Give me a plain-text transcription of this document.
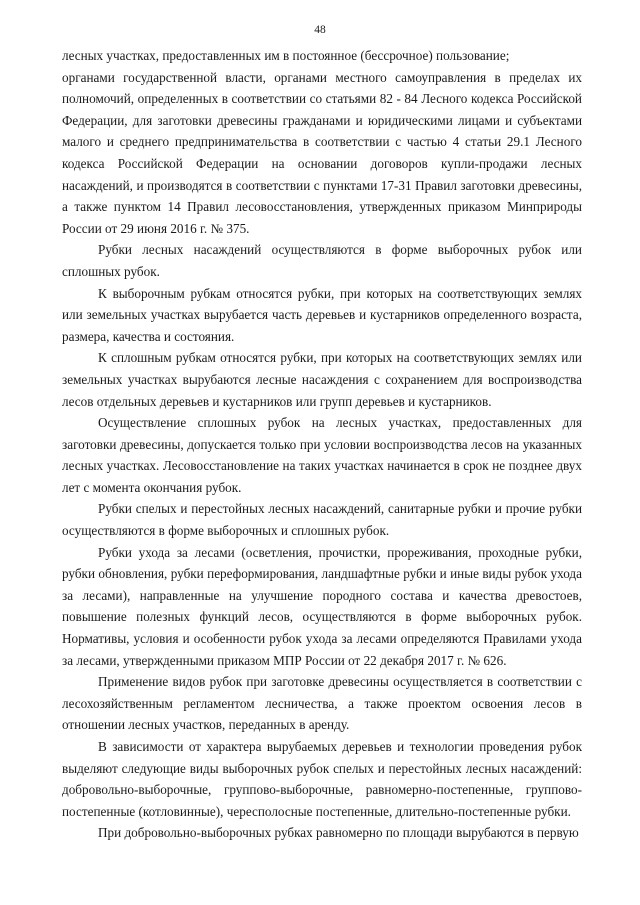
48

лесных участках, предоставленных им в постоянное (бессрочное) пользование;

органами государственной власти, органами местного самоуправления в пределах их полномочий, определенных в соответствии со статьями 82 - 84 Лесного кодекса Российской Федерации, для заготовки древесины гражданами и юридическими лицами и субъектами малого и среднего предпринимательства в соответствии с частью 4 статьи 29.1 Лесного кодекса Российской Федерации на основании договоров купли-продажи лесных насаждений, и производятся в соответствии с пунктами 17-31 Правил заготовки древесины, а также пунктом 14 Правил лесовосстановления, утвержденных приказом Минприроды России от 29 июня 2016 г. № 375.

Рубки лесных насаждений осуществляются в форме выборочных рубок или сплошных рубок.

К выборочным рубкам относятся рубки, при которых на соответствующих землях или земельных участках вырубается часть деревьев и кустарников определенного возраста, размера, качества и состояния.

К сплошным рубкам относятся рубки, при которых на соответствующих землях или земельных участках вырубаются лесные насаждения с сохранением для воспроизводства лесов отдельных деревьев и кустарников или групп деревьев и кустарников.

Осуществление сплошных рубок на лесных участках, предоставленных для заготовки древесины, допускается только при условии воспроизводства лесов на указанных лесных участках. Лесовосстановление на таких участках начинается в срок не позднее двух лет с момента окончания рубок.

Рубки спелых и перестойных лесных насаждений, санитарные рубки и прочие рубки осуществляются в форме выборочных и сплошных рубок.

Рубки ухода за лесами (осветления, прочистки, прореживания, проходные рубки, рубки обновления, рубки переформирования, ландшафтные рубки и иные виды рубок ухода за лесами), направленные на улучшение породного состава и качества древостоев, повышение полезных функций лесов, осуществляются в форме выборочных рубок. Нормативы, условия и особенности рубок ухода за лесами определяются Правилами ухода за лесами, утвержденными приказом МПР России от 22 декабря 2017 г. № 626.

Применение видов рубок при заготовке древесины осуществляется в соответствии с лесохозяйственным регламентом лесничества, а также проектом освоения лесов в отношении лесных участков, переданных в аренду.

В зависимости от характера вырубаемых деревьев и технологии проведения рубок выделяют следующие виды выборочных рубок спелых и перестойных лесных насаждений: добровольно-выборочные, группово-выборочные, равномерно-постепенные, группово-постепенные (котловинные), чересполосные постепенные, длительно-постепенные рубки.

При добровольно-выборочных рубках равномерно по площади вырубаются в первую
